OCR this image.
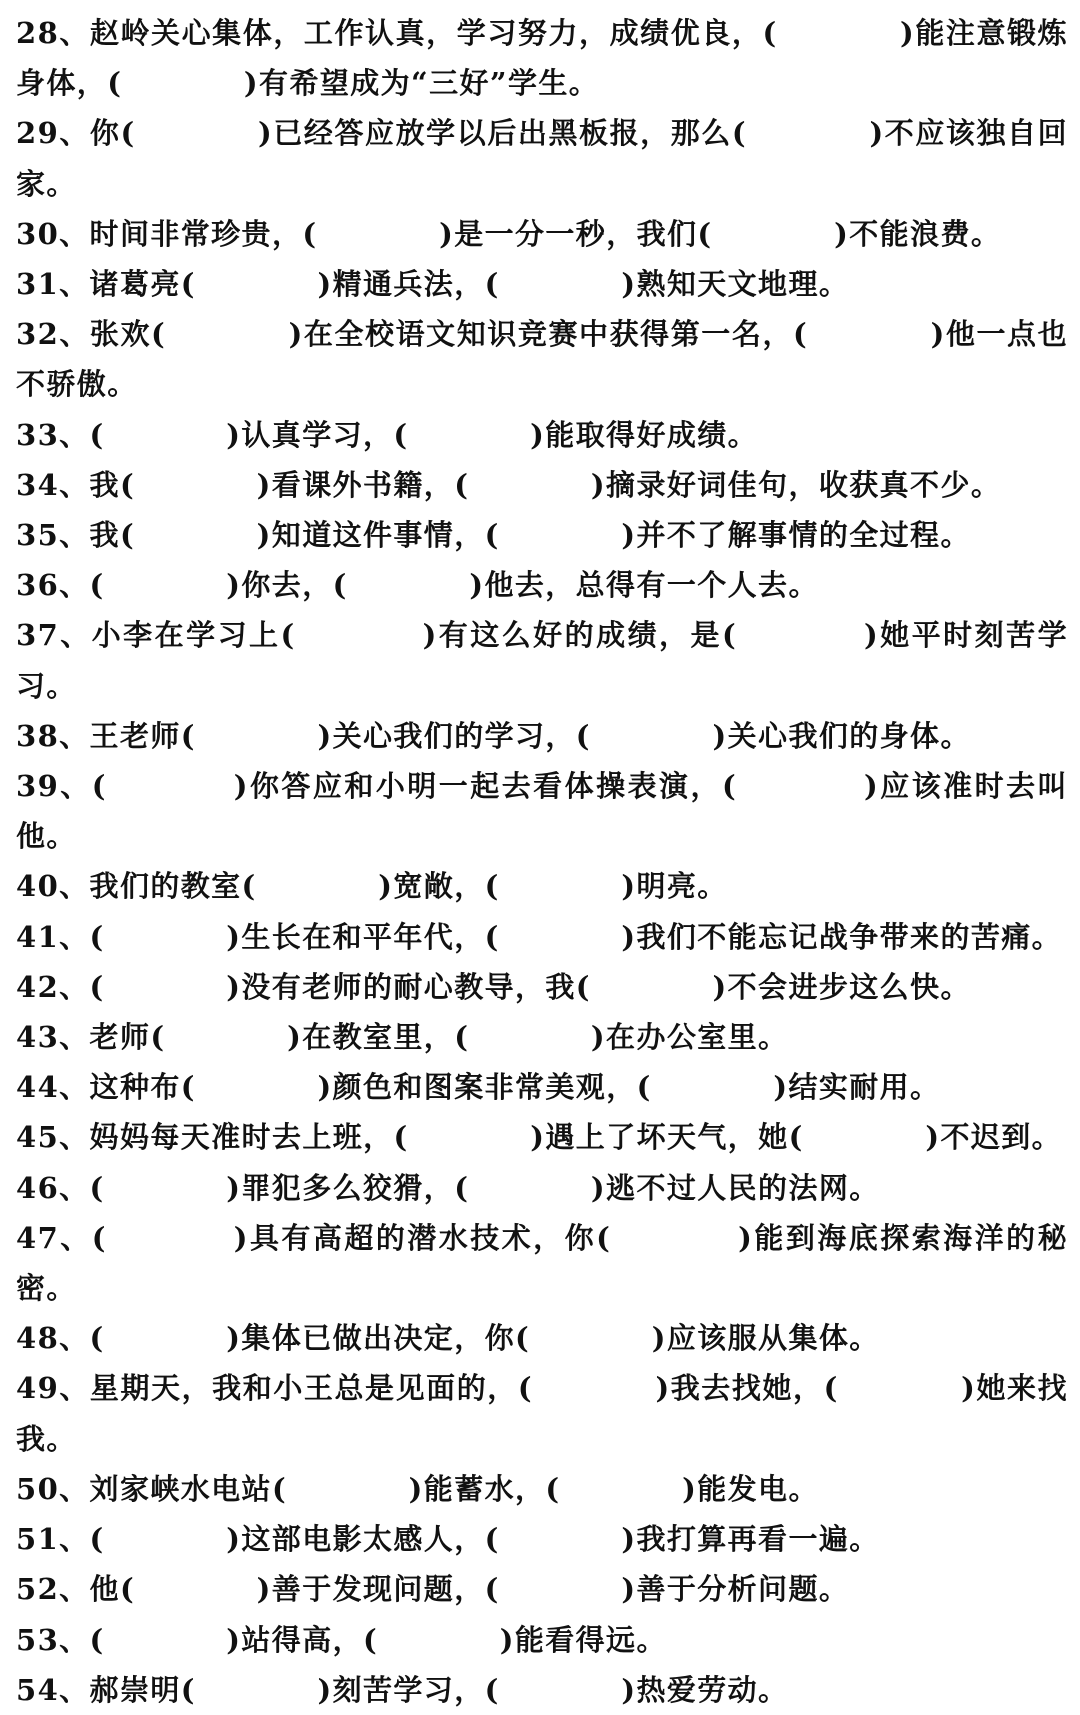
28、赵岭关心集体，工作认真，学习努力，成绩优良，(　　　　)能注意锻炼身体，(　　　　)有希望成为“三好”学生。

29、你(　　　　)已经答应放学以后出黑板报，那么(　　　　)不应该独自回家。

30、时间非常珍贵，(　　　　)是一分一秒，我们(　　　　)不能浪费。

31、诸葛亮(　　　　)精通兵法，(　　　　)熟知天文地理。

32、张欢(　　　　)在全校语文知识竞赛中获得第一名，(　　　　)他一点也不骄傲。

33、(　　　　)认真学习，(　　　　)能取得好成绩。

34、我(　　　　)看课外书籍，(　　　　)摘录好词佳句，收获真不少。

35、我(　　　　)知道这件事情，(　　　　)并不了解事情的全过程。

36、(　　　　)你去，(　　　　)他去，总得有一个人去。

37、小李在学习上(　　　　)有这么好的成绩，是(　　　　)她平时刻苦学习。

38、王老师(　　　　)关心我们的学习，(　　　　)关心我们的身体。

39、(　　　　)你答应和小明一起去看体操表演，(　　　　)应该准时去叫他。

40、我们的教室(　　　　)宽敞，(　　　　)明亮。

41、(　　　　)生长在和平年代，(　　　　)我们不能忘记战争带来的苦痛。

42、(　　　　)没有老师的耐心教导，我(　　　　)不会进步这么快。

43、老师(　　　　)在教室里，(　　　　)在办公室里。

44、这种布(　　　　)颜色和图案非常美观，(　　　　)结实耐用。

45、妈妈每天准时去上班，(　　　　)遇上了坏天气，她(　　　　)不迟到。

46、(　　　　)罪犯多么狡猾，(　　　　)逃不过人民的法网。

47、(　　　　)具有高超的潜水技术，你(　　　　)能到海底探索海洋的秘密。

48、(　　　　)集体已做出决定，你(　　　　)应该服从集体。

49、星期天，我和小王总是见面的，(　　　　)我去找她，(　　　　)她来找我。

50、刘家峡水电站(　　　　)能蓄水，(　　　　)能发电。

51、(　　　　)这部电影太感人，(　　　　)我打算再看一遍。

52、他(　　　　)善于发现问题，(　　　　)善于分析问题。

53、(　　　　)站得高，(　　　　)能看得远。

54、郝崇明(　　　　)刻苦学习，(　　　　)热爱劳动。
